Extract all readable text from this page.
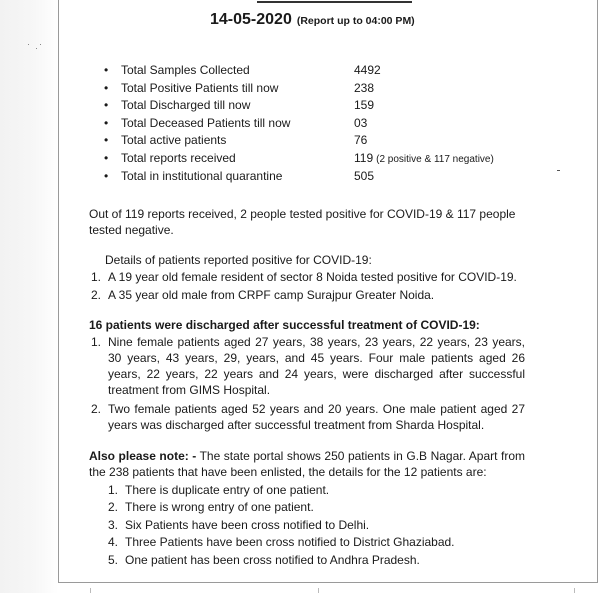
14-05-2020 (Report up to 04:00 PM)
• Total Samples Collected	4492
• Total Positive Patients till now	238
• Total Discharged till now	159
• Total Deceased Patients till now	03
• Total active patients	76
• Total reports received	119 (2 positive & 117 negative)
• Total in institutional quarantine	505

Out of 119 reports received, 2 people tested positive for COVID-19 & 117 people tested negative.

Details of patients reported positive for COVID-19:
1. A 19 year old female resident of sector 8 Noida tested positive for COVID-19.
2. A 35 year old male from CRPF camp Surajpur Greater Noida.
16 patients were discharged after successful treatment of COVID-19:
1. Nine female patients aged 27 years, 38 years, 23 years, 22 years, 23 years, 30 years, 43 years, 29, years, and 45 years. Four male patients aged 26 years, 22 years, 22 years and 24 years, were discharged after successful treatment from GIMS Hospital.
2. Two female patients aged 52 years and 20 years. One male patient aged 27 years was discharged after successful treatment from Sharda Hospital.

Also please note: - The state portal shows 250 patients in G.B Nagar. Apart from the 238 patients that have been enlisted, the details for the 12 patients are:

1. There is duplicate entry of one patient.
2. There is wrong entry of one patient.
3. Six Patients have been cross notified to Delhi.
4. Three Patients have been cross notified to District Ghaziabad.
5. One patient has been cross notified to Andhra Pradesh.
